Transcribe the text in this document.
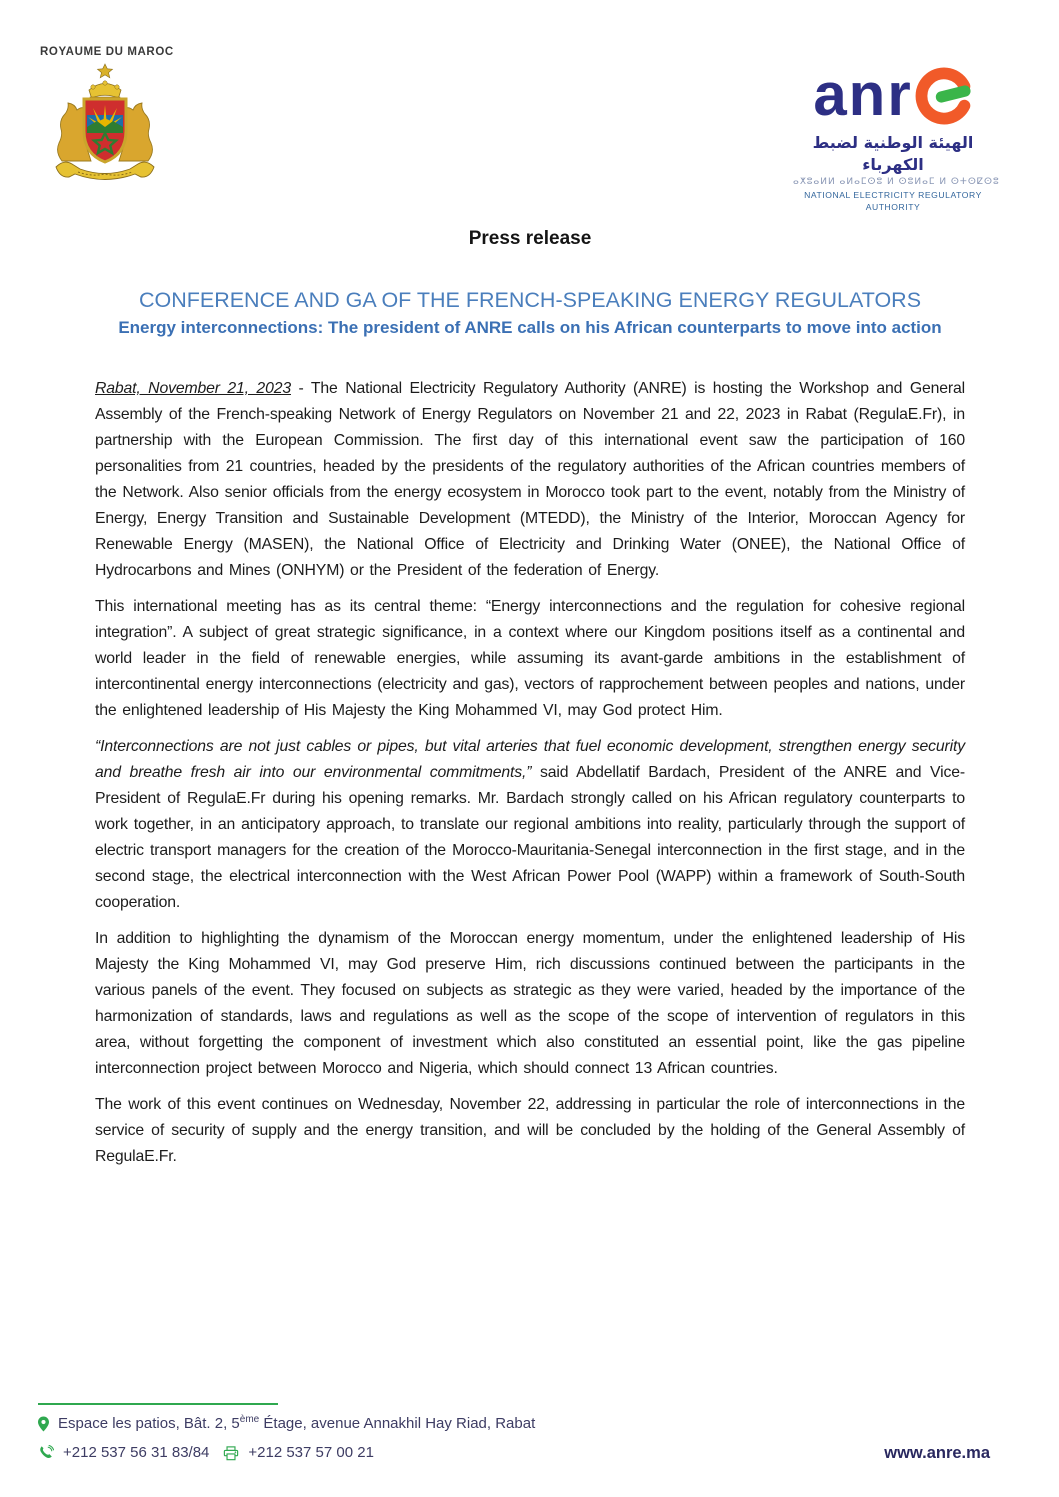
ROYAUME DU MAROC
anr
الهيئة الوطنية لضبط الكهرباء
ⴰⵅⵓⴰⵍⵍ ⴰⵍⴰⵎⵙⵓ ⵍ ⵙⵓⵍⴰⵎ ⵍ ⵙⵜⵙⵇⵙⵓ
NATIONAL ELECTRICITY REGULATORY AUTHORITY
Press release
CONFERENCE AND GA OF THE FRENCH-SPEAKING ENERGY REGULATORS
Energy interconnections: The president of ANRE calls on his African counterparts to move into action

Rabat, November 21, 2023 - The National Electricity Regulatory Authority (ANRE) is hosting the Workshop and General Assembly of the French-speaking Network of Energy Regulators on November 21 and 22, 2023 in Rabat (RegulaE.Fr), in partnership with the European Commission. The first day of this international event saw the participation of 160 personalities from 21 countries, headed by the presidents of the regulatory authorities of the African countries members of the Network. Also senior officials from the energy ecosystem in Morocco took part to the event, notably from the Ministry of Energy, Energy Transition and Sustainable Development (MTEDD), the Ministry of the Interior, Moroccan Agency for Renewable Energy (MASEN), the National Office of Electricity and Drinking Water (ONEE), the National Office of Hydrocarbons and Mines (ONHYM) or the President of the federation of Energy.

This international meeting has as its central theme: “Energy interconnections and the regulation for cohesive regional integration”. A subject of great strategic significance, in a context where our Kingdom positions itself as a continental and world leader in the field of renewable energies, while assuming its avant-garde ambitions in the establishment of intercontinental energy interconnections (electricity and gas), vectors of rapprochement between peoples and nations, under the enlightened leadership of His Majesty the King Mohammed VI, may God protect Him.

“Interconnections are not just cables or pipes, but vital arteries that fuel economic development, strengthen energy security and breathe fresh air into our environmental commitments,” said Abdellatif Bardach, President of the ANRE and Vice-President of RegulaE.Fr during his opening remarks. Mr. Bardach strongly called on his African regulatory counterparts to work together, in an anticipatory approach, to translate our regional ambitions into reality, particularly through the support of electric transport managers for the creation of the Morocco-Mauritania-Senegal interconnection in the first stage, and in the second stage, the electrical interconnection with the West African Power Pool (WAPP) within a framework of South-South cooperation.

In addition to highlighting the dynamism of the Moroccan energy momentum, under the enlightened leadership of His Majesty the King Mohammed VI, may God preserve Him, rich discussions continued between the participants in the various panels of the event. They focused on subjects as strategic as they were varied, headed by the importance of the harmonization of standards, laws and regulations as well as the scope of the scope of intervention of regulators in this area, without forgetting the component of investment which also constituted an essential point, like the gas pipeline interconnection project between Morocco and Nigeria, which should connect 13 African countries.

The work of this event continues on Wednesday, November 22, addressing in particular the role of interconnections in the service of security of supply and the energy transition, and will be concluded by the holding of the General Assembly of RegulaE.Fr.

Espace les patios, Bât. 2, 5ème Étage, avenue Annakhil Hay Riad, Rabat
+212 537 56 31 83/84	+212 537 57 00 21	www.anre.ma
